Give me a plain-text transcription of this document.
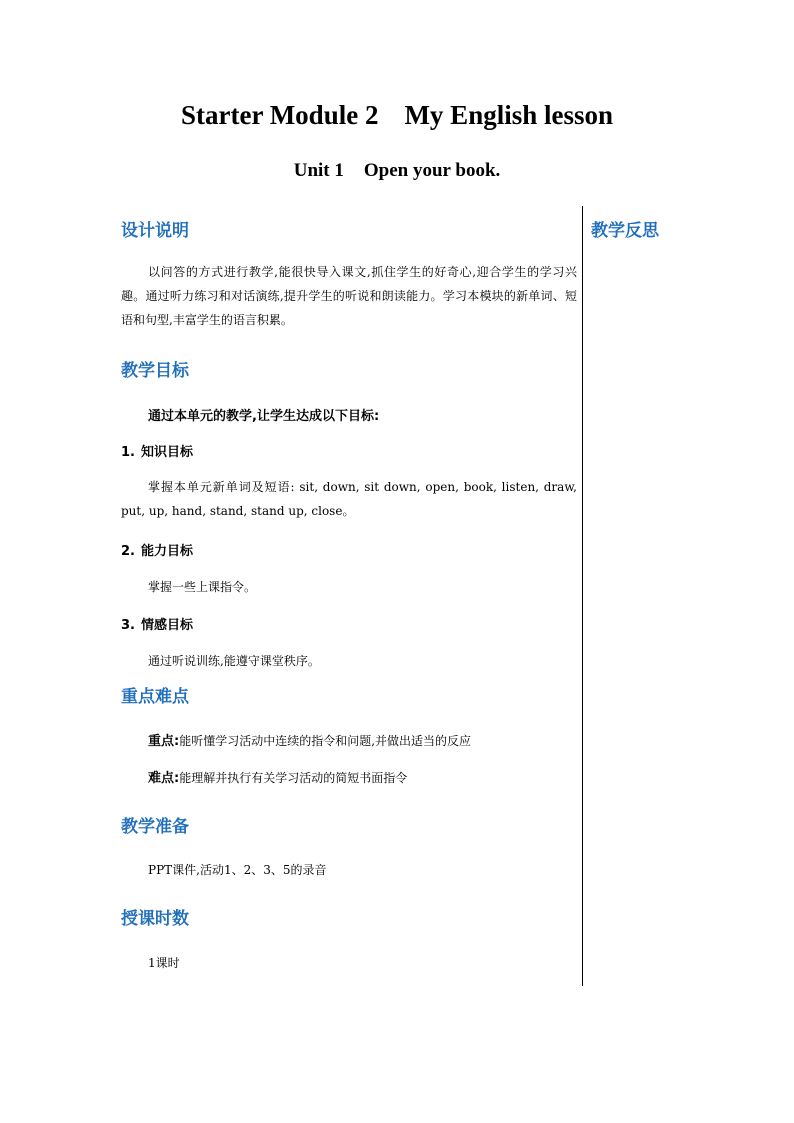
Starter Module 2 My English lesson
Unit 1 Open your book.
教学反思
设计说明
以问答的方式进行教学,能很快导入课文,抓住学生的好奇心,迎合学生的学习兴趣。通过听力练习和对话演练,提升学生的听说和朗读能力。学习本模块的新单词、短语和句型,丰富学生的语言积累。
教学目标
通过本单元的教学,让学生达成以下目标:
1. 知识目标
掌握本单元新单词及短语: sit, down, sit down, open, book, listen, draw, put, up, hand, stand, stand up, close。
2. 能力目标
掌握一些上课指令。
3. 情感目标
通过听说训练,能遵守课堂秩序。
重点难点
重点:能听懂学习活动中连续的指令和问题,并做出适当的反应
难点:能理解并执行有关学习活动的简短书面指令
教学准备
PPT课件,活动1、2、3、5的录音
授课时数
1课时
